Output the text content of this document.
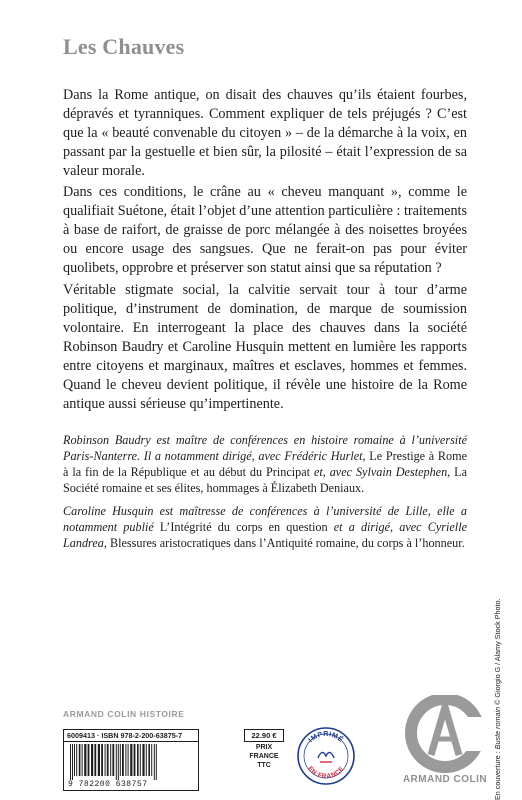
Les Chauves

Dans la Rome antique, on disait des chauves qu’ils étaient fourbes, dépravés et tyranniques. Comment expliquer de tels préjugés ? C’est que la « beauté convenable du citoyen » – de la démarche à la voix, en passant par la gestuelle et bien sûr, la pilosité – était l’expression de sa valeur morale.

Dans ces conditions, le crâne au « cheveu manquant », comme le qualifiait Suétone, était l’objet d’une attention particulière : traitements à base de raifort, de graisse de porc mélangée à des noisettes broyées ou encore usage des sangsues. Que ne ferait-on pas pour éviter quolibets, opprobre et préserver son statut ainsi que sa réputation ?

Véritable stigmate social, la calvitie servait tour à tour d’arme politique, d’instrument de domination, de marque de soumission volontaire. En interrogeant la place des chauves dans la société Robinson Baudry et Caroline Husquin mettent en lumière les rapports entre citoyens et marginaux, maîtres et esclaves, hommes et femmes. Quand le cheveu devient politique, il révèle une histoire de la Rome antique aussi sérieuse qu’impertinente.

Robinson Baudry est maître de conférences en histoire romaine à l’université Paris-Nanterre. Il a notamment dirigé, avec Frédéric Hurlet, Le Prestige à Rome à la fin de la République et au début du Principat et, avec Sylvain Destephen, La Société romaine et ses élites, hommages à Élizabeth Deniaux.

Caroline Husquin est maîtresse de conférences à l’université de Lille, elle a notamment publié L’Intégrité du corps en question et a dirigé, avec Cyrielle Landrea, Blessures aristocratiques dans l’Antiquité romaine, du corps à l’honneur.

En couverture : Buste romain © Giorgio G / Alamy Stock Photo.
ARMAND COLIN HISTOIRE
6009413 · ISBN 978-2-200-63875-7
9 782200 638757
22.90 €
PRIX
FRANCE
TTC
IMPRIMÉ
EN FRANCE
ARMAND COLIN
